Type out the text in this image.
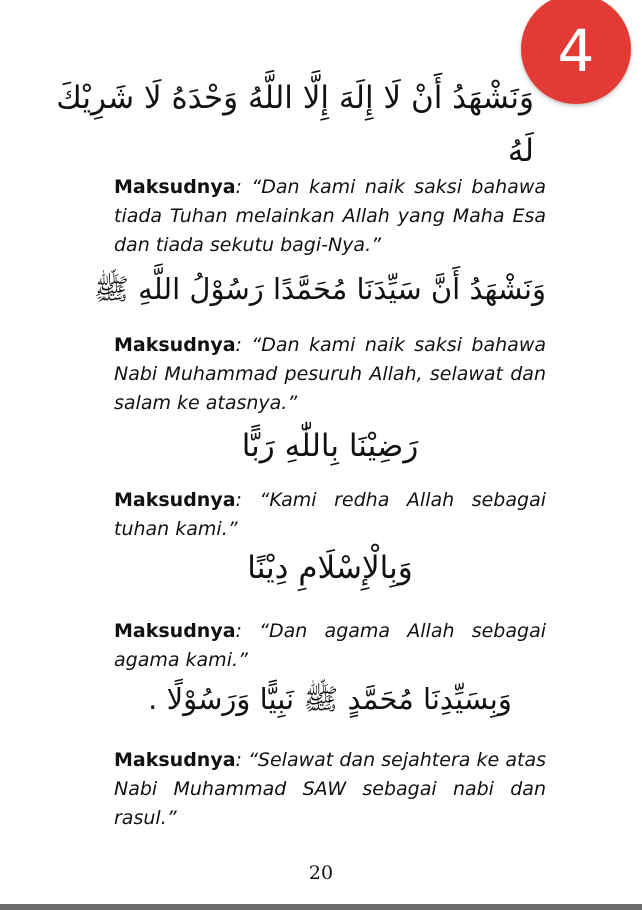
4
وَنَشْهَدُ أَنْ لَا إِلَهَ إِلَّا اللَّهُ وَحْدَهُ لَا شَرِيْكَ
لَهُ
Maksudnya: “Dan kami naik saksi bahawa tiada Tuhan melainkan Allah yang Maha Esa dan tiada sekutu bagi-Nya.”
وَنَشْهَدُ أَنَّ سَيِّدَنَا مُحَمَّدًا رَسُوْلُ اللَّهِ ﷺ
Maksudnya: “Dan kami naik saksi bahawa Nabi Muhammad pesuruh Allah, selawat dan salam ke atasnya.”
رَضِيْنَا بِاللّٰهِ رَبًّا
Maksudnya: “Kami redha Allah sebagai tuhan kami.”
وَبِالْإِسْلَامِ دِيْنًا
Maksudnya: “Dan agama Allah sebagai agama kami.”
وَبِسَيِّدِنَا مُحَمَّدٍ ﷺ نَبِيًّا وَرَسُوْلًا .
Maksudnya: “Selawat dan sejahtera ke atas Nabi Muhammad SAW sebagai nabi dan rasul.”
20
